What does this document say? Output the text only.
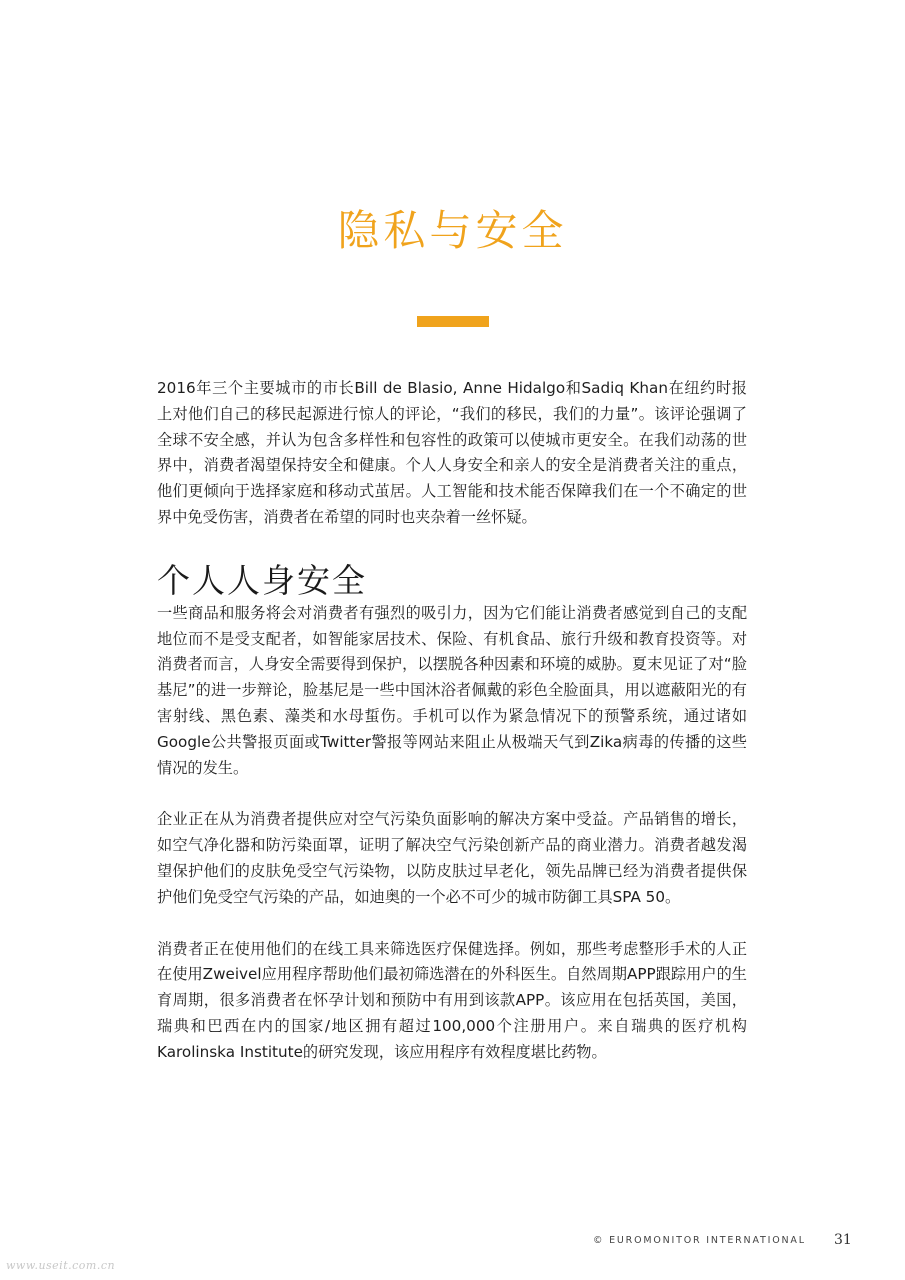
隐私与安全

2016年三个主要城市的市长Bill de Blasio, Anne Hidalgo和Sadiq Khan在纽约时报上对他们自己的移民起源进行惊人的评论，“我们的移民，我们的力量”。该评论强调了全球不安全感，并认为包含多样性和包容性的政策可以使城市更安全。在我们动荡的世界中，消费者渴望保持安全和健康。个人人身安全和亲人的安全是消费者关注的重点，他们更倾向于选择家庭和移动式茧居。人工智能和技术能否保障我们在一个不确定的世界中免受伤害，消费者在希望的同时也夹杂着一丝怀疑。

个人人身安全

一些商品和服务将会对消费者有强烈的吸引力，因为它们能让消费者感觉到自己的支配地位而不是受支配者，如智能家居技术、保险、有机食品、旅行升级和教育投资等。对消费者而言，人身安全需要得到保护，以摆脱各种因素和环境的威胁。夏末见证了对“脸基尼”的进一步辩论，脸基尼是一些中国沐浴者佩戴的彩色全脸面具，用以遮蔽阳光的有害射线、黑色素、藻类和水母蜇伤。手机可以作为紧急情况下的预警系统，通过诸如Google公共警报页面或Twitter警报等网站来阻止从极端天气到Zika病毒的传播的这些情况的发生。

企业正在从为消费者提供应对空气污染负面影响的解决方案中受益。产品销售的增长，如空气净化器和防污染面罩，证明了解决空气污染创新产品的商业潜力。消费者越发渴望保护他们的皮肤免受空气污染物，以防皮肤过早老化，领先品牌已经为消费者提供保护他们免受空气污染的产品，如迪奥的一个必不可少的城市防御工具SPA 50。

消费者正在使用他们的在线工具来筛选医疗保健选择。例如，那些考虑整形手术的人正在使用Zweivel应用程序帮助他们最初筛选潜在的外科医生。自然周期APP跟踪用户的生育周期，很多消费者在怀孕计划和预防中有用到该款APP。该应用在包括英国，美国，瑞典和巴西在内的国家/地区拥有超过100,000个注册用户。来自瑞典的医疗机构Karolinska Institute的研究发现，该应用程序有效程度堪比药物。

© EUROMONITOR INTERNATIONAL 31
www.useit.com.cn
